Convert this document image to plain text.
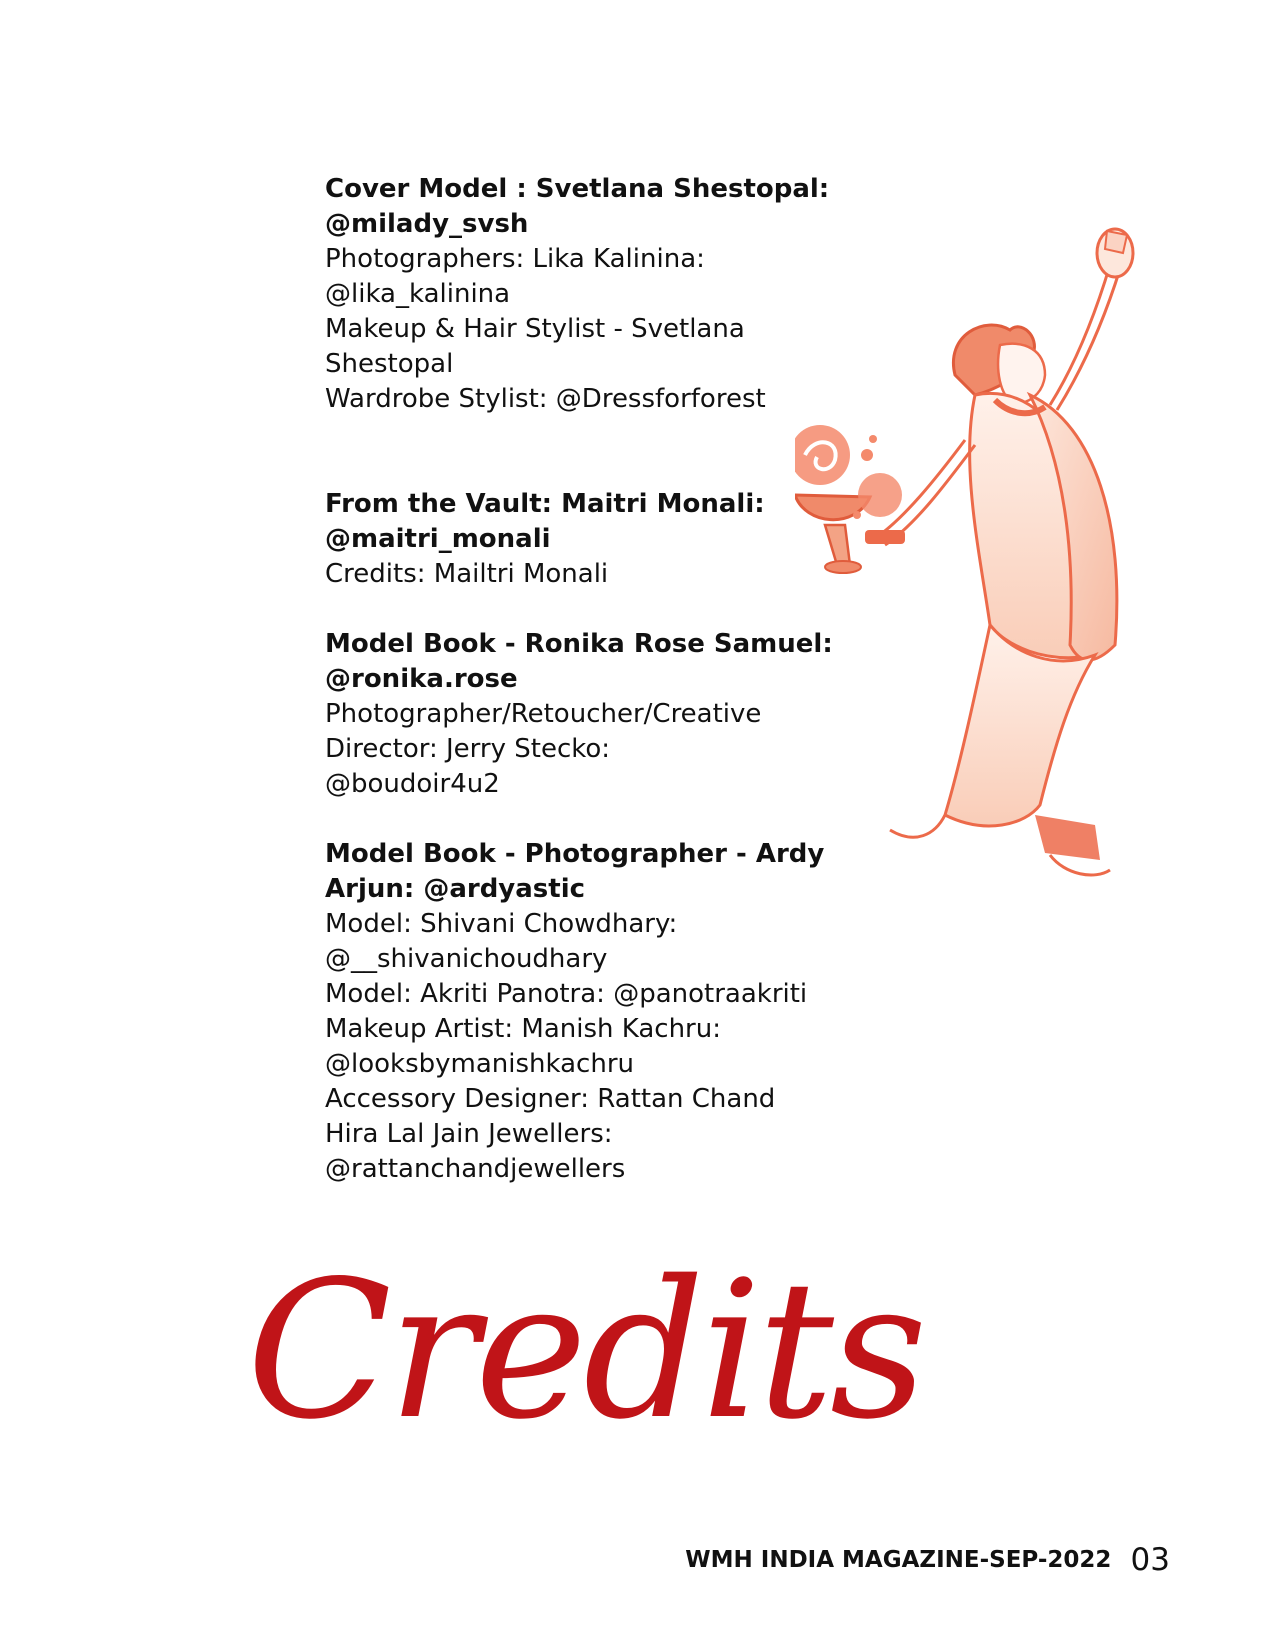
Cover Model : Svetlana Shestopal:
@milady_svsh
Photographers: Lika Kalinina:
@lika_kalinina
Makeup & Hair Stylist - Svetlana
Shestopal
Wardrobe Stylist: @Dressforforest
From the Vault: Maitri Monali:
@maitri_monali
Credits: Mailtri Monali
Model Book - Ronika Rose Samuel:
@ronika.rose
Photographer/Retoucher/Creative
Director: Jerry Stecko:
@boudoir4u2
Model Book - Photographer - Ardy
Arjun: @ardyastic
Model: Shivani Chowdhary:
@__shivanichoudhary
Model: Akriti Panotra: @panotraakriti
Makeup Artist: Manish Kachru:
@looksbymanishkachru
Accessory Designer: Rattan Chand
Hira Lal Jain Jewellers:
@rattanchandjewellers
Credits
WMH INDIA MAGAZINE-SEP-2022 03
